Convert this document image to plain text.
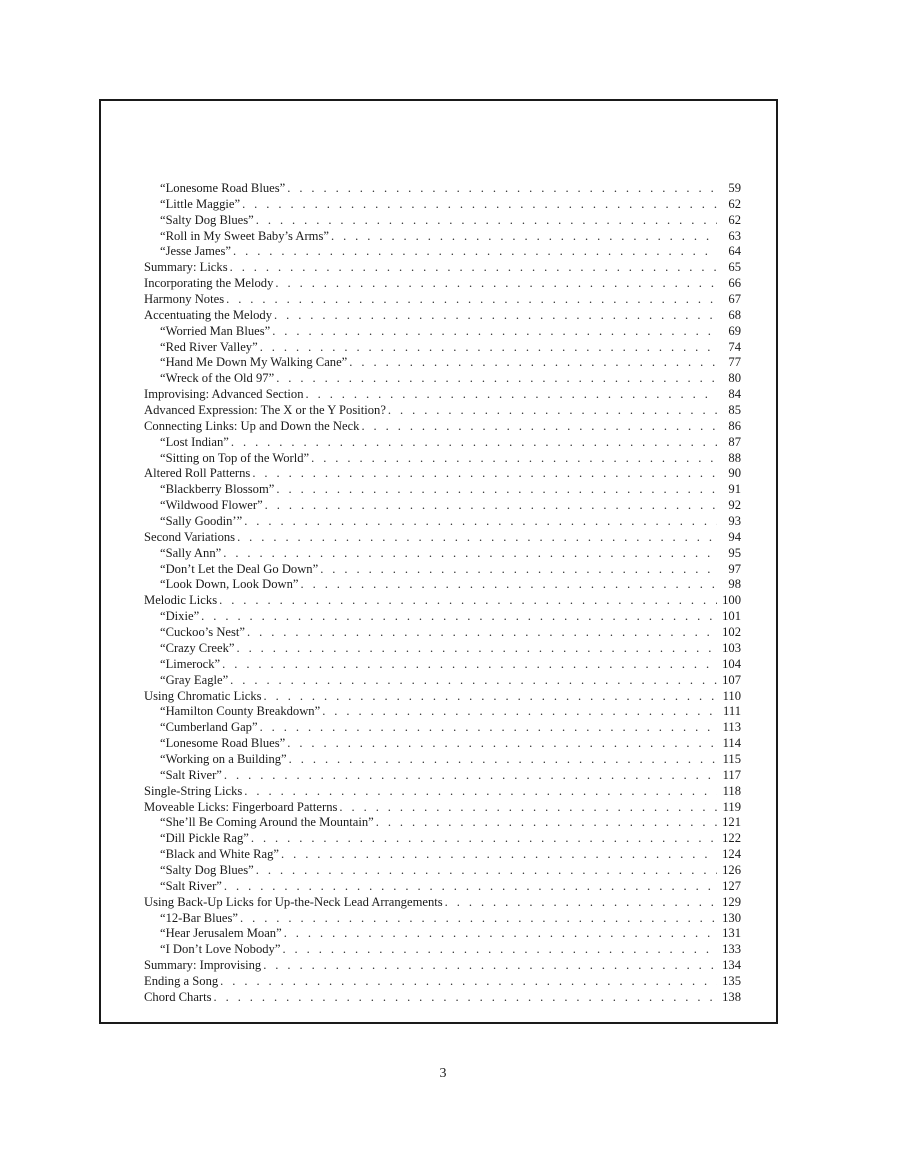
“Lonesome Road Blues” . . .	59
“Little Maggie” . . .	62
“Salty Dog Blues” . . .	62
“Roll in My Sweet Baby’s Arms” . . .	63
“Jesse James” . . .	64
Summary: Licks . . .	65
Incorporating the Melody . . .	66
Harmony Notes . . .	67
Accentuating the Melody . . .	68
“Worried Man Blues” . . .	69
“Red River Valley” . . .	74
“Hand Me Down My Walking Cane” . . .	77
“Wreck of the Old 97” . . .	80
Improvising: Advanced Section . . .	84
Advanced Expression: The X or the Y Position? . . .	85
Connecting Links: Up and Down the Neck . . .	86
“Lost Indian” . . .	87
“Sitting on Top of the World” . . .	88
Altered Roll Patterns . . .	90
“Blackberry Blossom” . . .	91
“Wildwood Flower” . . .	92
“Sally Goodin’” . . .	93
Second Variations . . .	94
“Sally Ann” . . .	95
“Don’t Let the Deal Go Down” . . .	97
“Look Down, Look Down” . . .	98
Melodic Licks . . .	100
“Dixie” . . .	101
“Cuckoo’s Nest” . . .	102
“Crazy Creek” . . .	103
“Limerock” . . .	104
“Gray Eagle” . . .	107
Using Chromatic Licks . . .	110
“Hamilton County Breakdown” . . .	111
“Cumberland Gap” . . .	113
“Lonesome Road Blues” . . .	114
“Working on a Building” . . .	115
“Salt River” . . .	117
Single-String Licks . . .	118
Moveable Licks: Fingerboard Patterns . . .	119
“She’ll Be Coming Around the Mountain” . . .	121
“Dill Pickle Rag” . . .	122
“Black and White Rag” . . .	124
“Salty Dog Blues” . . .	126
“Salt River” . . .	127
Using Back-Up Licks for Up-the-Neck Lead Arrangements . . .	129
“12-Bar Blues” . . .	130
“Hear Jerusalem Moan” . . .	131
“I Don’t Love Nobody” . . .	133
Summary: Improvising . . .	134
Ending a Song . . .	135
Chord Charts . . .	138
3
